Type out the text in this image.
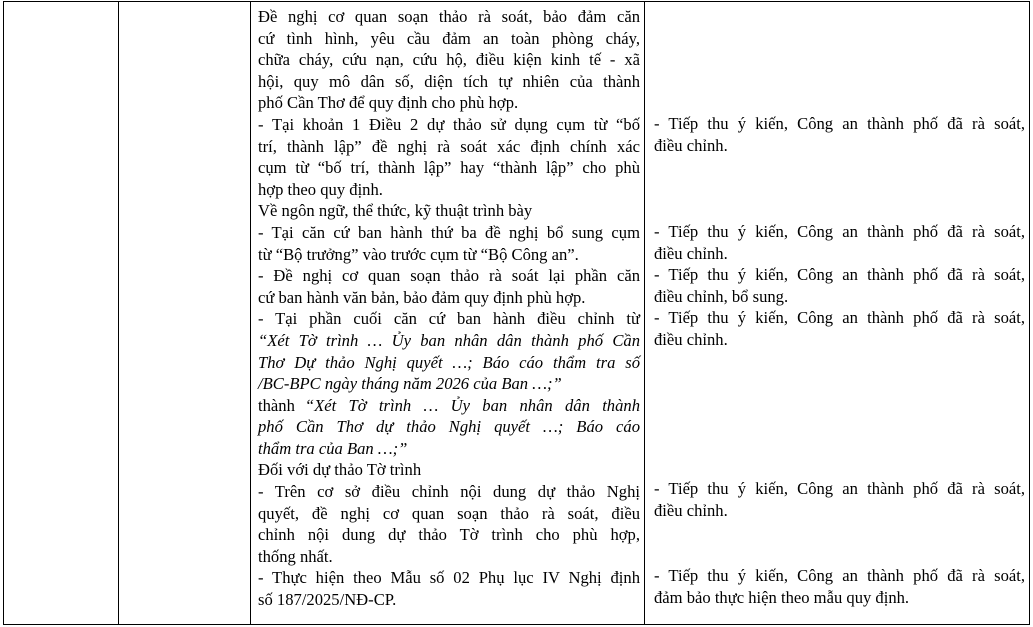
Đề nghị cơ quan soạn thảo rà soát, bảo đảm căn
cứ tình hình, yêu cầu đảm an toàn phòng cháy,
chữa cháy, cứu nạn, cứu hộ, điều kiện kinh tế - xã
hội, quy mô dân số, diện tích tự nhiên của thành
phố Cần Thơ để quy định cho phù hợp.
- Tại khoản 1 Điều 2 dự thảo sử dụng cụm từ “bố
trí, thành lập” đề nghị rà soát xác định chính xác
cụm từ “bố trí, thành lập” hay “thành lập” cho phù
hợp theo quy định.
Về ngôn ngữ, thể thức, kỹ thuật trình bày
- Tại căn cứ ban hành thứ ba đề nghị bổ sung cụm
từ “Bộ trưởng” vào trước cụm từ “Bộ Công an”.
- Đề nghị cơ quan soạn thảo rà soát lại phần căn
cứ ban hành văn bản, bảo đảm quy định phù hợp.
- Tại phần cuối căn cứ ban hành điều chỉnh từ
“Xét Tờ trình … Ủy ban nhân dân thành phố Cần
Thơ Dự thảo Nghị quyết …; Báo cáo thẩm tra số
/BC-BPC ngày tháng năm 2026 của Ban …;”
thành “Xét Tờ trình … Ủy ban nhân dân thành
phố Cần Thơ dự thảo Nghị quyết …; Báo cáo
thẩm tra của Ban …;”
Đối với dự thảo Tờ trình
- Trên cơ sở điều chỉnh nội dung dự thảo Nghị
quyết, đề nghị cơ quan soạn thảo rà soát, điều
chỉnh nội dung dự thảo Tờ trình cho phù hợp,
thống nhất.
- Thực hiện theo Mẫu số 02 Phụ lục IV Nghị định
số 187/2025/NĐ-CP.
- Tiếp thu ý kiến, Công an thành phố đã rà soát,
điều chỉnh.
- Tiếp thu ý kiến, Công an thành phố đã rà soát,
điều chỉnh.
- Tiếp thu ý kiến, Công an thành phố đã rà soát,
điều chỉnh, bổ sung.
- Tiếp thu ý kiến, Công an thành phố đã rà soát,
điều chỉnh.
- Tiếp thu ý kiến, Công an thành phố đã rà soát,
điều chỉnh.
- Tiếp thu ý kiến, Công an thành phố đã rà soát,
đảm bảo thực hiện theo mẫu quy định.
